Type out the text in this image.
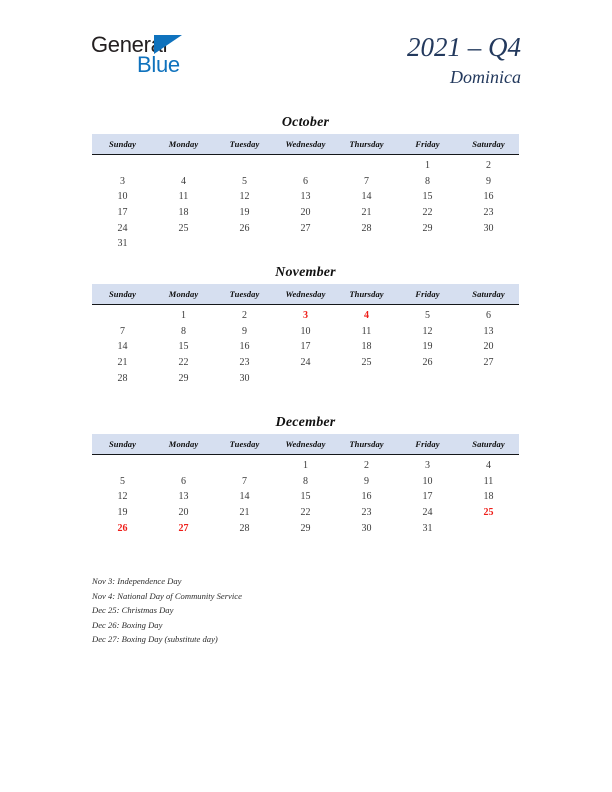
General
Blue
2021 – Q4
Dominica
October
Sunday	Monday	Tuesday	Wednesday	Thursday	Friday	Saturday
					1	2
3	4	5	6	7	8	9
10	11	12	13	14	15	16
17	18	19	20	21	22	23
24	25	26	27	28	29	30
31						
November
Sunday	Monday	Tuesday	Wednesday	Thursday	Friday	Saturday
	1	2	3	4	5	6
7	8	9	10	11	12	13
14	15	16	17	18	19	20
21	22	23	24	25	26	27
28	29	30				
December
Sunday	Monday	Tuesday	Wednesday	Thursday	Friday	Saturday
			1	2	3	4
5	6	7	8	9	10	11
12	13	14	15	16	17	18
19	20	21	22	23	24	25
26	27	28	29	30	31	
Nov 3: Independence Day
Nov 4: National Day of Community Service
Dec 25: Christmas Day
Dec 26: Boxing Day
Dec 27: Boxing Day (substitute day)
